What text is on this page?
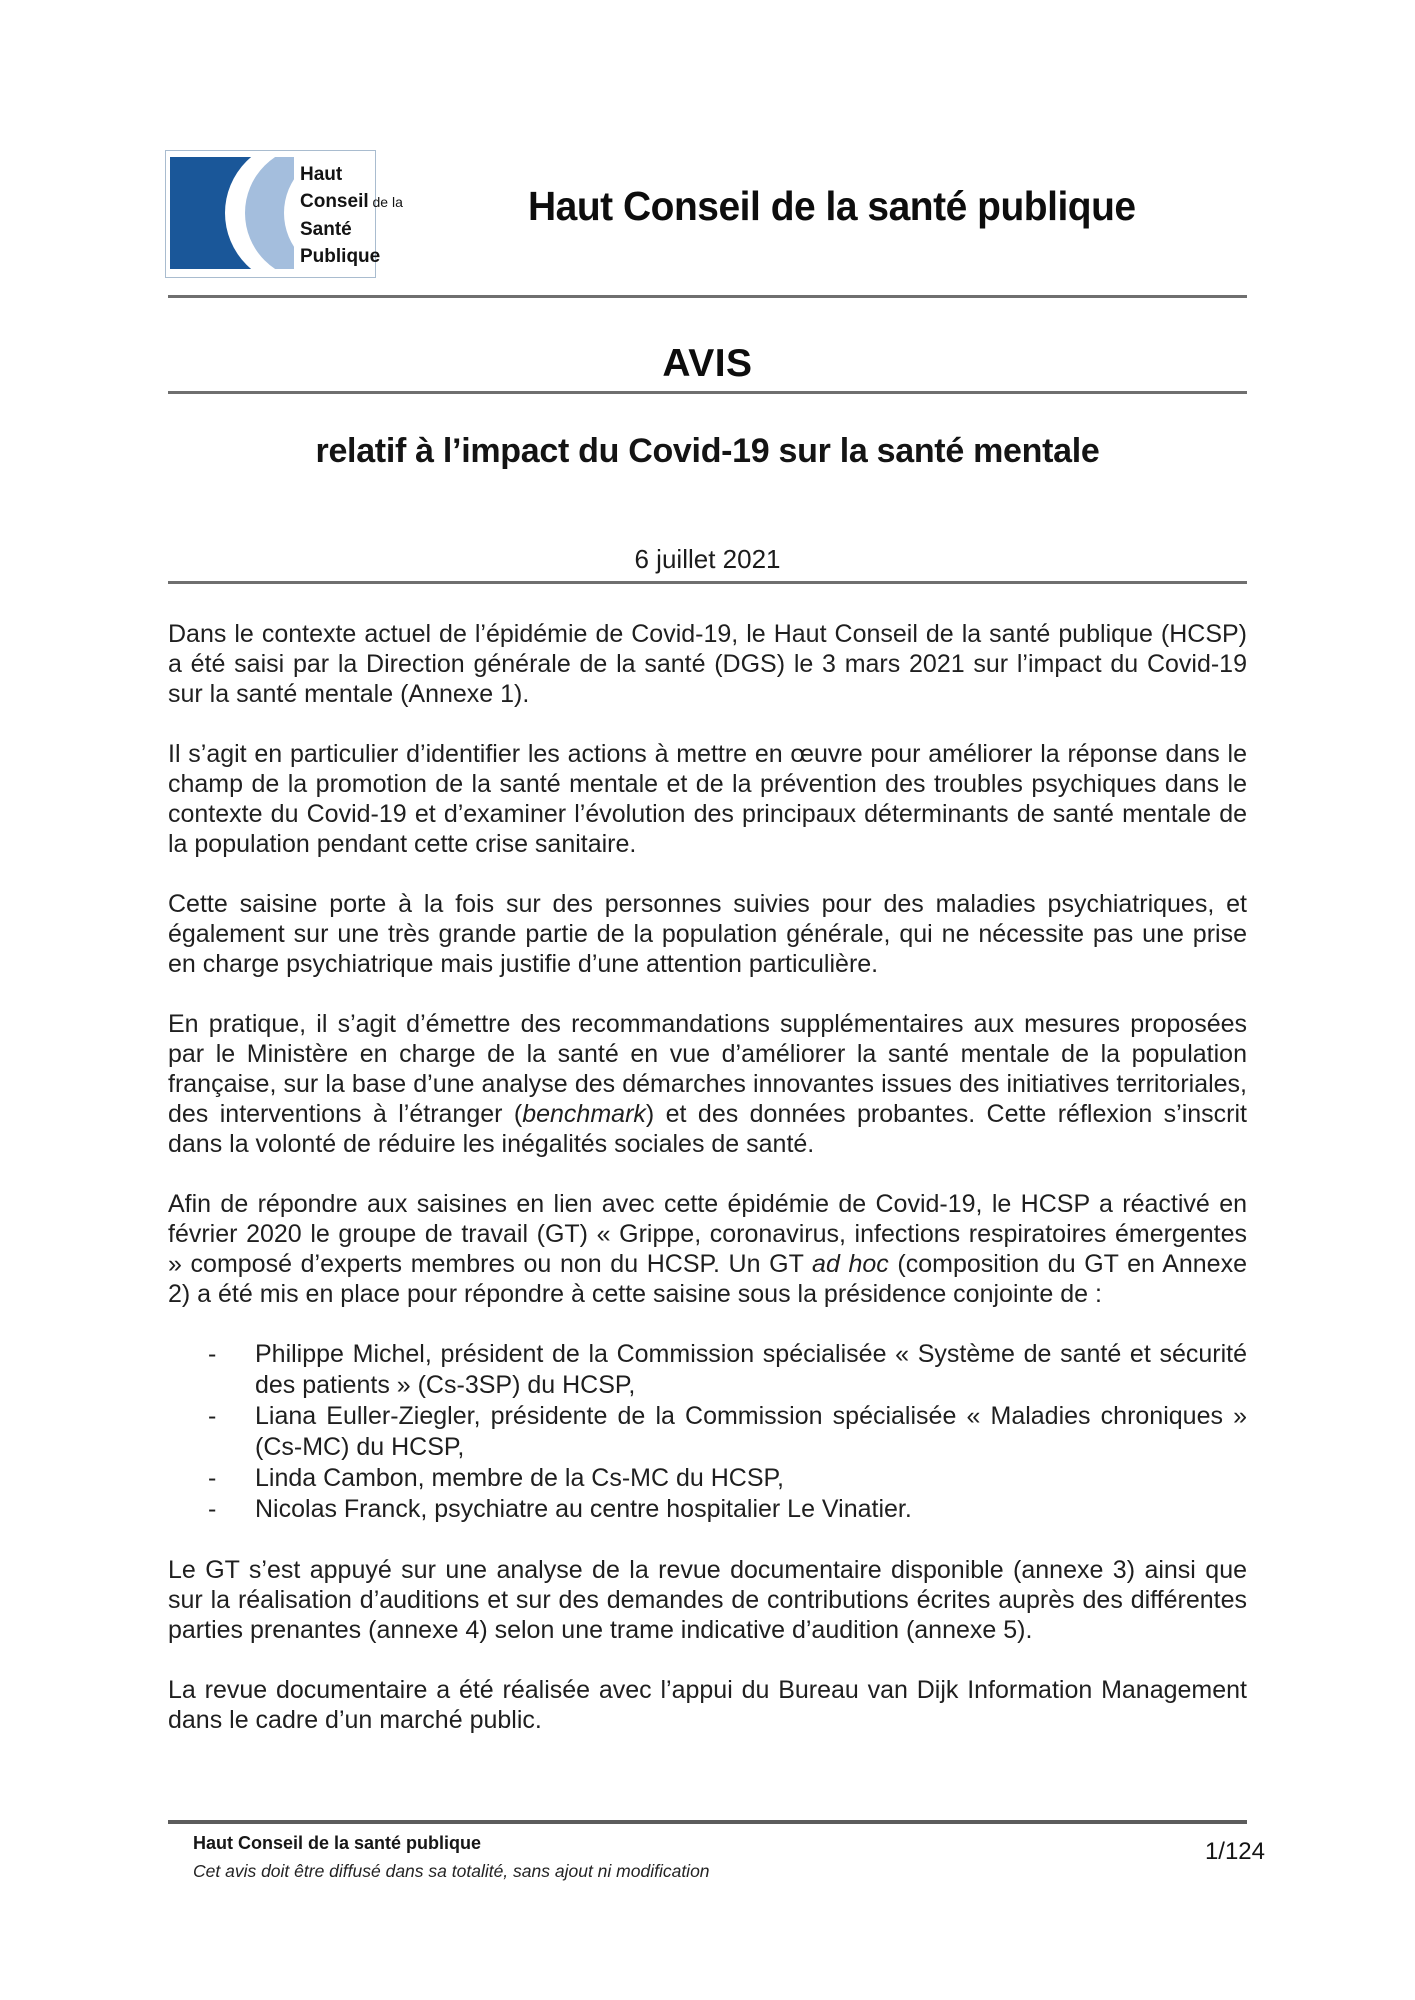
Haut
Conseil de la
Santé
Publique
Haut Conseil de la santé publique
AVIS
relatif à l’impact du Covid-19 sur la santé mentale
6 juillet 2021

Dans le contexte actuel de l’épidémie de Covid-19, le Haut Conseil de la santé publique (HCSP) a été saisi par la Direction générale de la santé (DGS) le 3 mars 2021 sur l’impact du Covid-19 sur la santé mentale (Annexe 1).

Il s’agit en particulier d’identifier les actions à mettre en œuvre pour améliorer la réponse dans le champ de la promotion de la santé mentale et de la prévention des troubles psychiques dans le contexte du Covid-19 et d’examiner l’évolution des principaux déterminants de santé mentale de la population pendant cette crise sanitaire.

Cette saisine porte à la fois sur des personnes suivies pour des maladies psychiatriques, et également sur une très grande partie de la population générale, qui ne nécessite pas une prise en charge psychiatrique mais justifie d’une attention particulière.

En pratique, il s’agit d’émettre des recommandations supplémentaires aux mesures proposées par le Ministère en charge de la santé en vue d’améliorer la santé mentale de la population française, sur la base d’une analyse des démarches innovantes issues des initiatives territoriales, des interventions à l’étranger (benchmark) et des données probantes. Cette réflexion s’inscrit dans la volonté de réduire les inégalités sociales de santé.

Afin de répondre aux saisines en lien avec cette épidémie de Covid-19, le HCSP a réactivé en février 2020 le groupe de travail (GT) « Grippe, coronavirus, infections respiratoires émergentes » composé d’experts membres ou non du HCSP. Un GT ad hoc (composition du GT en Annexe 2) a été mis en place pour répondre à cette saisine sous la présidence conjointe de :

-	Philippe Michel, président de la Commission spécialisée « Système de santé et sécurité des patients » (Cs-3SP) du HCSP,
-	Liana Euller-Ziegler, présidente de la Commission spécialisée « Maladies chroniques » (Cs-MC) du HCSP,
-	Linda Cambon, membre de la Cs-MC du HCSP,
-	Nicolas Franck, psychiatre au centre hospitalier Le Vinatier.

Le GT s’est appuyé sur une analyse de la revue documentaire disponible (annexe 3) ainsi que sur la réalisation d’auditions et sur des demandes de contributions écrites auprès des différentes parties prenantes (annexe 4) selon une trame indicative d’audition (annexe 5).

La revue documentaire a été réalisée avec l’appui du Bureau van Dijk Information Management dans le cadre d’un marché public.

Haut Conseil de la santé publique
Cet avis doit être diffusé dans sa totalité, sans ajout ni modification
1/124
